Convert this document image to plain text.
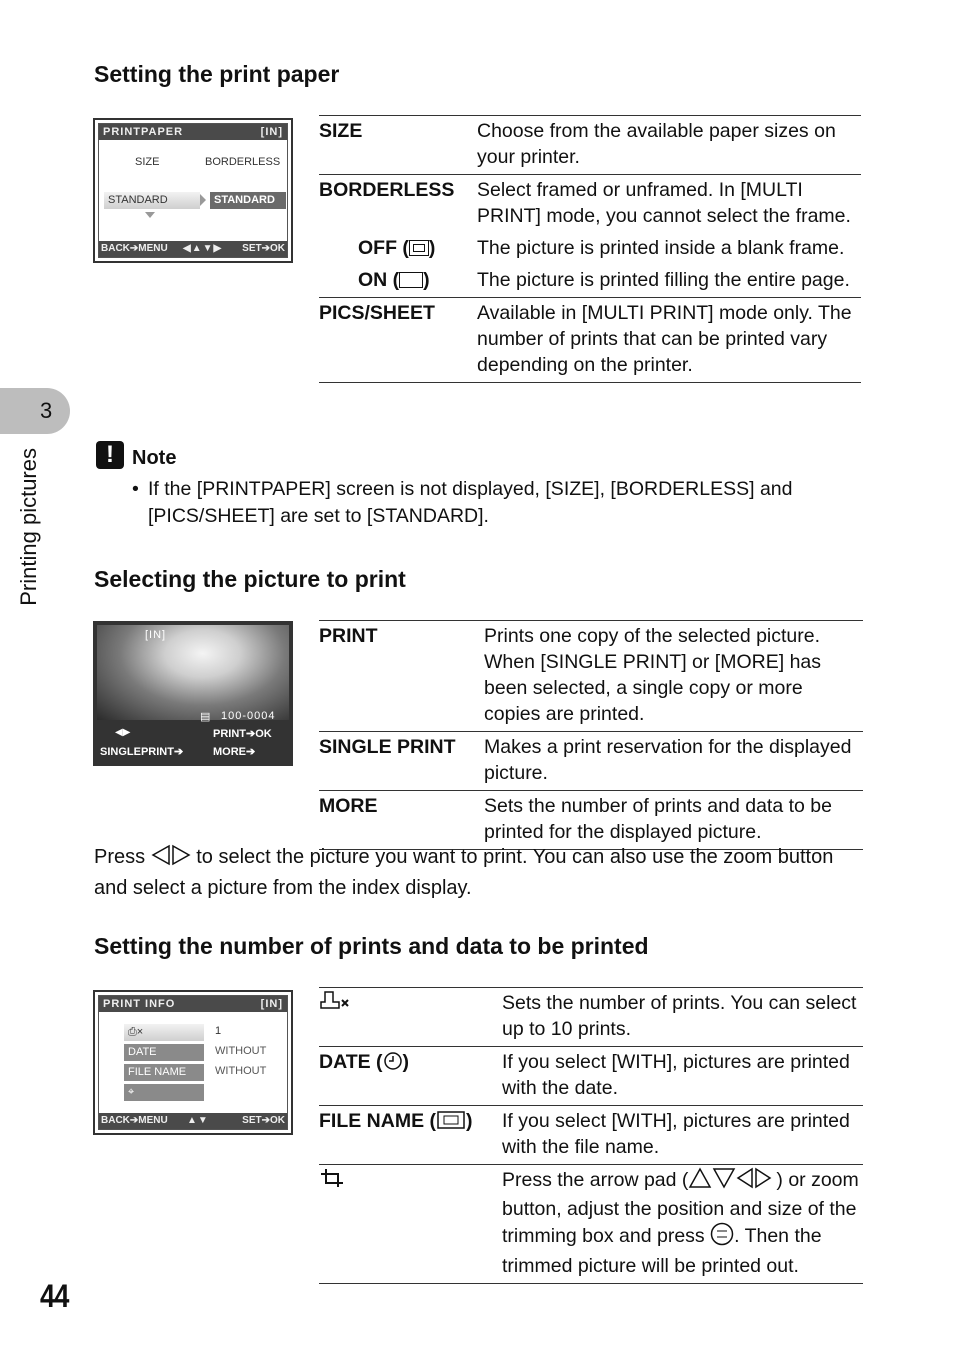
3
Printing pictures
44
Setting the print paper
PRINTPAPER	[IN]
SIZE	BORDERLESS
STANDARD	STANDARD
BACK➔MENU ◀▲▼▶ SET➔OK
SIZE	Choose from the available paper sizes on your printer.
BORDERLESS	Select framed or unframed. In [MULTI PRINT] mode, you cannot select the frame.
OFF ( )	The picture is printed inside a blank frame.
ON ( )	The picture is printed filling the entire page.
PICS/SHEET	Available in [MULTI PRINT] mode only. The number of prints that can be printed vary depending on the printer.
! Note
• If the [PRINTPAPER] screen is not displayed, [SIZE], [BORDERLESS] and [PICS/SHEET] are set to [STANDARD].
Selecting the picture to print
[IN]
▤ 100-0004
◀▶	PRINT➔OK
SINGLEPRINT➔	MORE➔
PRINT	Prints one copy of the selected picture. When [SINGLE PRINT] or [MORE] has been selected, a single copy or more copies are printed.
SINGLE PRINT	Makes a print reservation for the displayed picture.
MORE	Sets the number of prints and data to be printed for the displayed picture.
Press	to select the picture you want to print. You can also use the zoom button and select a picture from the index display.
Setting the number of prints and data to be printed
PRINT INFO	[IN]
⎙×	1
DATE	WITHOUT
FILE NAME	WITHOUT
⌖
BACK➔MENU ▲▼	SET➔OK
	Sets the number of prints. You can select up to 10 prints.
DATE ( )	If you select [WITH], pictures are printed with the date.
FILE NAME ( )	If you select [WITH], pictures are printed with the file name.
	Press the arrow pad ( ) or zoom button, adjust the position and size of the trimming box and press . Then the trimmed picture will be printed out.
